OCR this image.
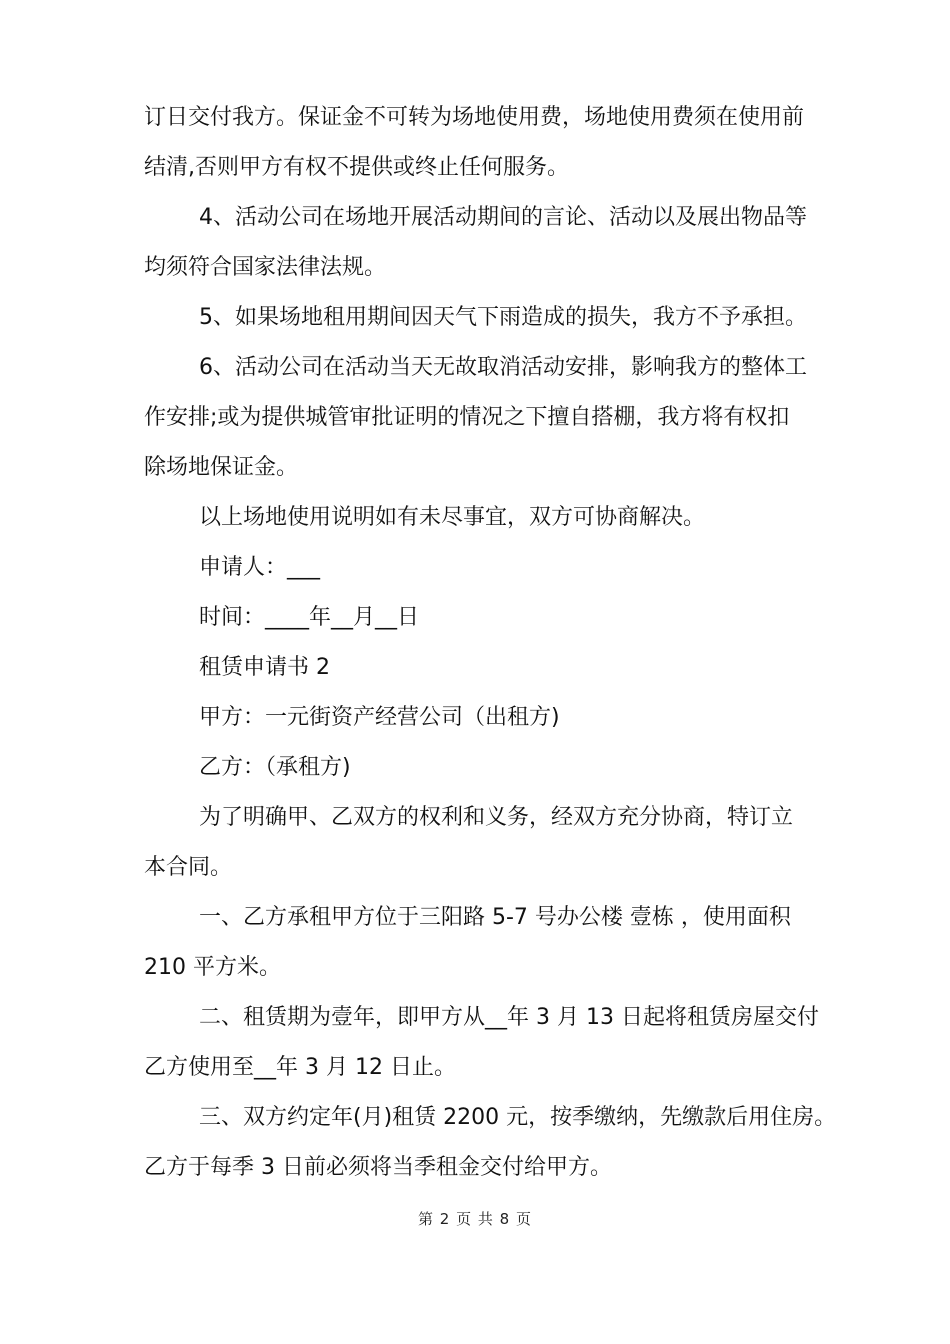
订日交付我方。保证金不可转为场地使用费，场地使用费须在使用前
结清,否则甲方有权不提供或终止任何服务。
4、活动公司在场地开展活动期间的言论、活动以及展出物品等
均须符合国家法律法规。
5、如果场地租用期间因天气下雨造成的损失，我方不予承担。
6、活动公司在活动当天无故取消活动安排，影响我方的整体工
作安排;或为提供城管审批证明的情况之下擅自搭棚，我方将有权扣
除场地保证金。
以上场地使用说明如有未尽事宜，双方可协商解决。
申请人：___
时间：____年__月__日
租赁申请书 2
甲方：一元街资产经营公司（出租方)
乙方：（承租方)
为了明确甲、乙双方的权利和义务，经双方充分协商，特订立
本合同。
一、乙方承租甲方位于三阳路 5-7 号办公楼 壹栋 ，使用面积
210 平方米。
二、租赁期为壹年，即甲方从__年 3 月 13 日起将租赁房屋交付
乙方使用至__年 3 月 12 日止。
三、双方约定年(月)租赁 2200 元，按季缴纳，先缴款后用住房。
乙方于每季 3 日前必须将当季租金交付给甲方。
第 2 页 共 8 页
